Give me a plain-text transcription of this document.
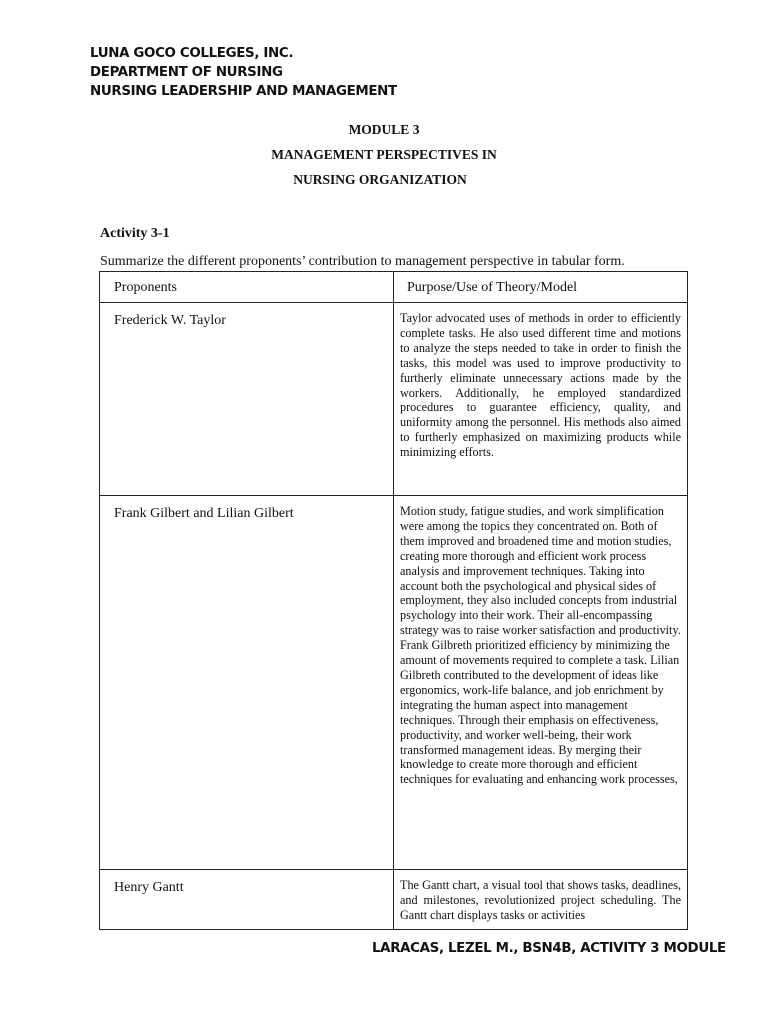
LUNA GOCO COLLEGES, INC.
DEPARTMENT OF NURSING
NURSING LEADERSHIP AND MANAGEMENT
MODULE 3
MANAGEMENT PERSPECTIVES IN
NURSING ORGANIZATION
Activity 3-1
Summarize the different proponents’ contribution to management perspective in tabular form.
Proponents	Purpose/Use of Theory/Model

Frederick W. Taylor	Taylor advocated uses of methods in order to efficiently complete tasks. He also used different time and motions to analyze the steps needed to take in order to finish the tasks, this model was used to improve productivity to furtherly eliminate unnecessary actions made by the workers. Additionally, he employed standardized procedures to guarantee efficiency, quality, and uniformity among the personnel. His methods also aimed to furtherly emphasized on maximizing products while minimizing efforts.

Frank Gilbert and Lilian Gilbert	Motion study, fatigue studies, and work simplification were among the topics they concentrated on. Both of them improved and broadened time and motion studies, creating more thorough and efficient work process analysis and improvement techniques. Taking into account both the psychological and physical sides of employment, they also included concepts from industrial psychology into their work. Their all-encompassing strategy was to raise worker satisfaction and productivity. Frank Gilbreth prioritized efficiency by minimizing the amount of movements required to complete a task. Lilian Gilbreth contributed to the development of ideas like ergonomics, work-life balance, and job enrichment by integrating the human aspect into management techniques. Through their emphasis on effectiveness, productivity, and worker well-being, their work transformed management ideas. By merging their knowledge to create more thorough and efficient techniques for evaluating and enhancing work processes,

Henry Gantt	The Gantt chart, a visual tool that shows tasks, deadlines, and milestones, revolutionized project scheduling. The Gantt chart displays tasks or activities
LARACAS, LEZEL M., BSN4B, ACTIVITY 3 MODULE
